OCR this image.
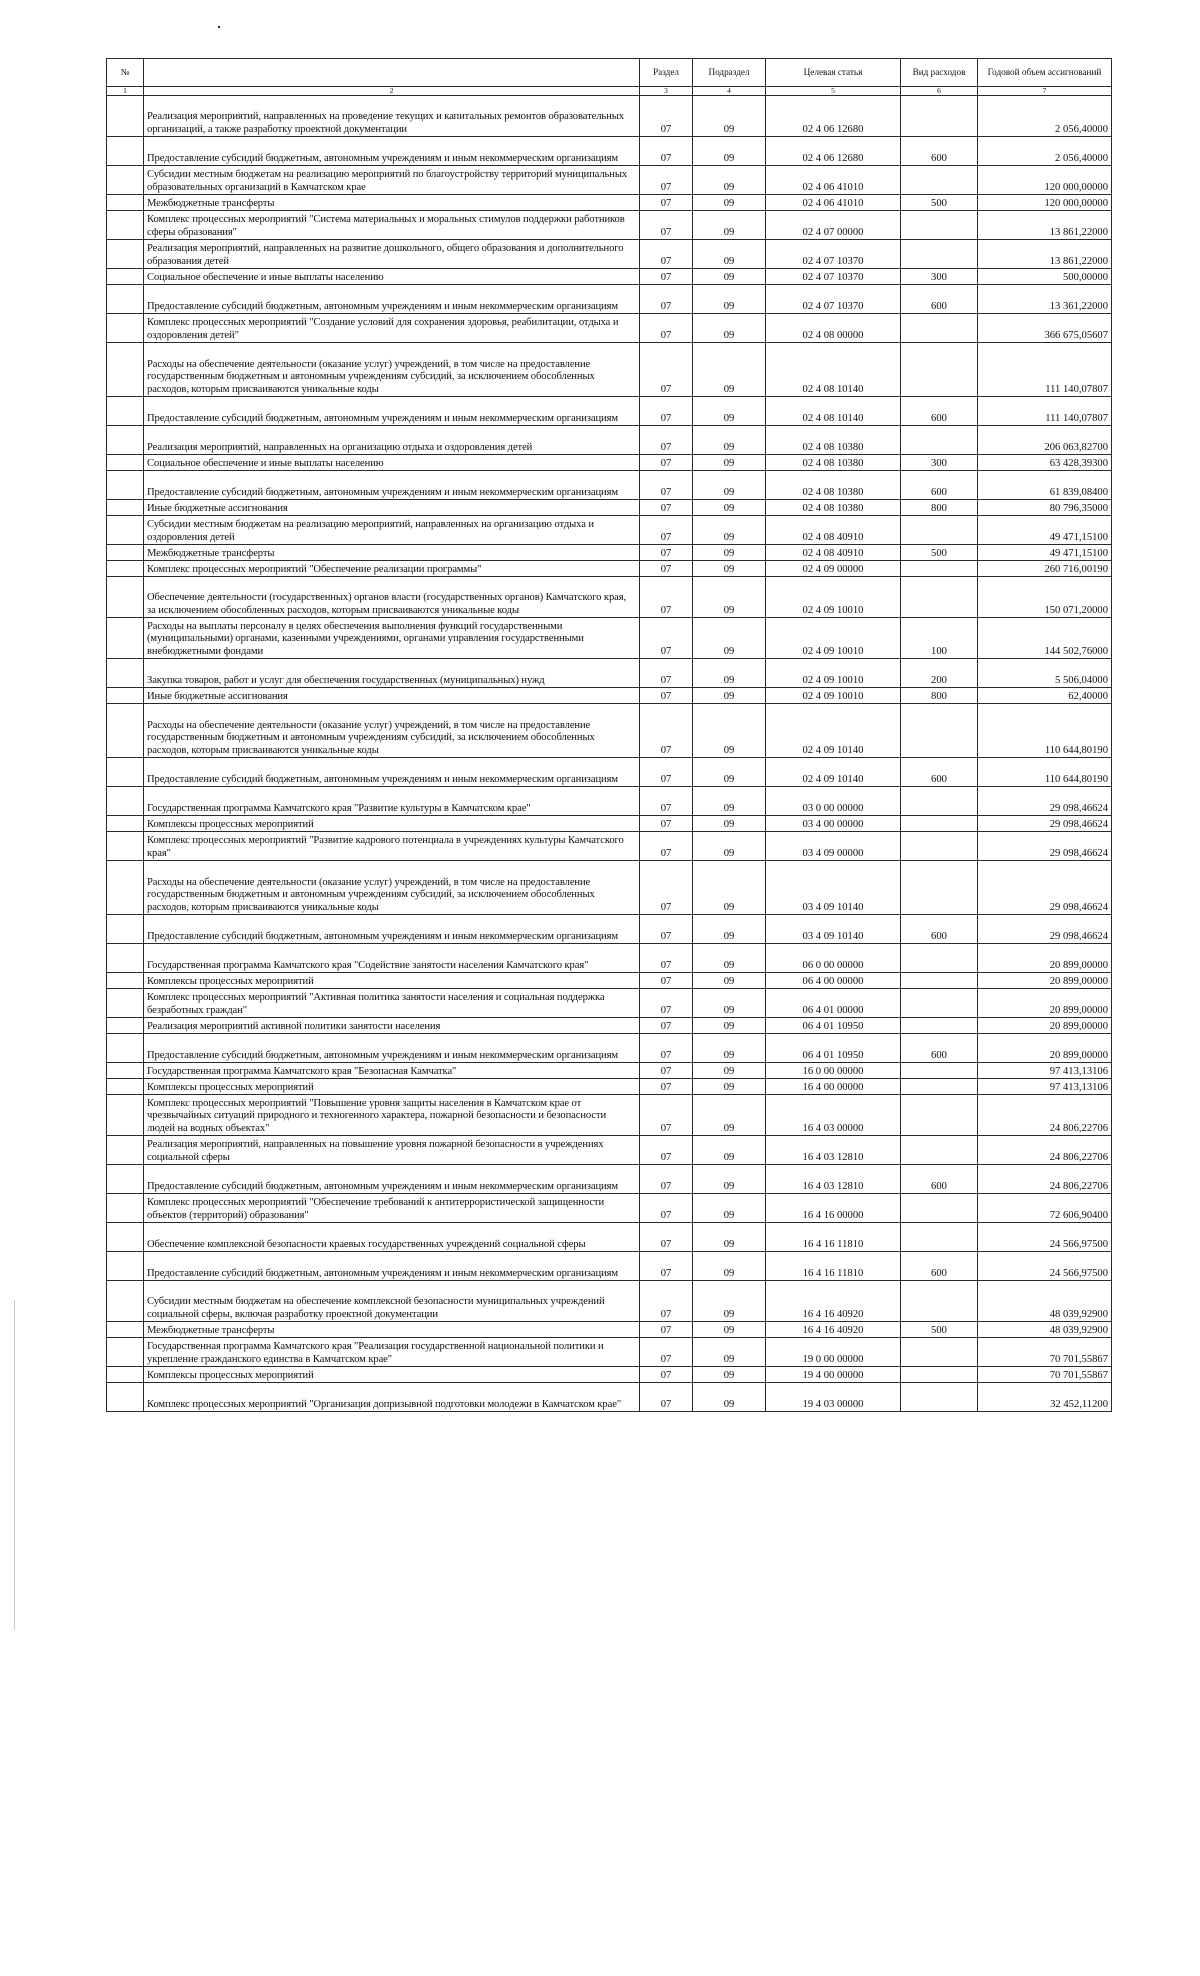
№		Раздел	Подраздел	Целевая статья	Вид расходов	Годовой объем ассигнований
1	2	3	4	5	6	7
	Реализация мероприятий, направленных на проведение текущих и капитальных ремонтов образовательных организаций, а также разработку проектной документации	07	09	02 4 06 12680		2 056,40000
	Предоставление субсидий бюджетным, автономным учреждениям и иным некоммерческим организациям	07	09	02 4 06 12680	600	2 056,40000
	Субсидии местным бюджетам на реализацию мероприятий по благоустройству территорий муниципальных образовательных организаций в Камчатском крае	07	09	02 4 06 41010		120 000,00000
	Межбюджетные трансферты	07	09	02 4 06 41010	500	120 000,00000
	Комплекс процессных мероприятий "Система материальных и моральных стимулов поддержки работников сферы образования"	07	09	02 4 07 00000		13 861,22000
	Реализация мероприятий, направленных на развитие дошкольного, общего образования и дополнительного образования детей	07	09	02 4 07 10370		13 861,22000
	Социальное обеспечение и иные выплаты населению	07	09	02 4 07 10370	300	500,00000
	Предоставление субсидий бюджетным, автономным учреждениям и иным некоммерческим организациям	07	09	02 4 07 10370	600	13 361,22000
	Комплекс процессных мероприятий "Создание условий для сохранения здоровья, реабилитации, отдыха и оздоровления детей"	07	09	02 4 08 00000		366 675,05607
	Расходы на обеспечение деятельности (оказание услуг) учреждений, в том числе на предоставление государственным бюджетным и автономным учреждениям субсидий, за исключением обособленных расходов, которым присваиваются уникальные коды	07	09	02 4 08 10140		111 140,07807
	Предоставление субсидий бюджетным, автономным учреждениям и иным некоммерческим организациям	07	09	02 4 08 10140	600	111 140,07807
	Реализация мероприятий, направленных на организацию отдыха и оздоровления детей	07	09	02 4 08 10380		206 063,82700
	Социальное обеспечение и иные выплаты населению	07	09	02 4 08 10380	300	63 428,39300
	Предоставление субсидий бюджетным, автономным учреждениям и иным некоммерческим организациям	07	09	02 4 08 10380	600	61 839,08400
	Иные бюджетные ассигнования	07	09	02 4 08 10380	800	80 796,35000
	Субсидии местным бюджетам на реализацию мероприятий, направленных на организацию отдыха и оздоровления детей	07	09	02 4 08 40910		49 471,15100
	Межбюджетные трансферты	07	09	02 4 08 40910	500	49 471,15100
	Комплекс процессных мероприятий "Обеспечение реализации программы"	07	09	02 4 09 00000		260 716,00190
	Обеспечение деятельности (государственных) органов власти (государственных органов) Камчатского края, за исключением обособленных расходов, которым присваиваются уникальные коды	07	09	02 4 09 10010		150 071,20000
	Расходы на выплаты персоналу в целях обеспечения выполнения функций государственными (муниципальными) органами, казенными учреждениями, органами управления государственными внебюджетными фондами	07	09	02 4 09 10010	100	144 502,76000
	Закупка товаров, работ и услуг для обеспечения государственных (муниципальных) нужд	07	09	02 4 09 10010	200	5 506,04000
	Иные бюджетные ассигнования	07	09	02 4 09 10010	800	62,40000
	Расходы на обеспечение деятельности (оказание услуг) учреждений, в том числе на предоставление государственным бюджетным и автономным учреждениям субсидий, за исключением обособленных расходов, которым присваиваются уникальные коды	07	09	02 4 09 10140		110 644,80190
	Предоставление субсидий бюджетным, автономным учреждениям и иным некоммерческим организациям	07	09	02 4 09 10140	600	110 644,80190
	Государственная программа Камчатского края "Развитие культуры в Камчатском крае"	07	09	03 0 00 00000		29 098,46624
	Комплексы процессных мероприятий	07	09	03 4 00 00000		29 098,46624
	Комплекс процессных мероприятий "Развитие кадрового потенциала в учреждениях культуры Камчатского края"	07	09	03 4 09 00000		29 098,46624
	Расходы на обеспечение деятельности (оказание услуг) учреждений, в том числе на предоставление государственным бюджетным и автономным учреждениям субсидий, за исключением обособленных расходов, которым присваиваются уникальные коды	07	09	03 4 09 10140		29 098,46624
	Предоставление субсидий бюджетным, автономным учреждениям и иным некоммерческим организациям	07	09	03 4 09 10140	600	29 098,46624
	Государственная программа Камчатского края "Содействие занятости населения Камчатского края"	07	09	06 0 00 00000		20 899,00000
	Комплексы процессных мероприятий	07	09	06 4 00 00000		20 899,00000
	Комплекс процессных мероприятий "Активная политика занятости населения и социальная поддержка безработных граждан"	07	09	06 4 01 00000		20 899,00000
	Реализация мероприятий активной политики занятости населения	07	09	06 4 01 10950		20 899,00000
	Предоставление субсидий бюджетным, автономным учреждениям и иным некоммерческим организациям	07	09	06 4 01 10950	600	20 899,00000
	Государственная программа Камчатского края "Безопасная Камчатка"	07	09	16 0 00 00000		97 413,13106
	Комплексы процессных мероприятий	07	09	16 4 00 00000		97 413,13106
	Комплекс процессных мероприятий "Повышение уровня защиты населения в Камчатском крае от чрезвычайных ситуаций природного и техногенного характера, пожарной безопасности и безопасности людей на водных объектах"	07	09	16 4 03 00000		24 806,22706
	Реализация мероприятий, направленных на повышение уровня пожарной безопасности в учреждениях социальной сферы	07	09	16 4 03 12810		24 806,22706
	Предоставление субсидий бюджетным, автономным учреждениям и иным некоммерческим организациям	07	09	16 4 03 12810	600	24 806,22706
	Комплекс процессных мероприятий "Обеспечение требований к антитеррористической защищенности объектов (территорий) образования"	07	09	16 4 16 00000		72 606,90400
	Обеспечение комплексной безопасности краевых государственных учреждений социальной сферы	07	09	16 4 16 11810		24 566,97500
	Предоставление субсидий бюджетным, автономным учреждениям и иным некоммерческим организациям	07	09	16 4 16 11810	600	24 566,97500
	Субсидии местным бюджетам на обеспечение комплексной безопасности муниципальных учреждений социальной сферы, включая разработку проектной документации	07	09	16 4 16 40920		48 039,92900
	Межбюджетные трансферты	07	09	16 4 16 40920	500	48 039,92900
	Государственная программа Камчатского края "Реализация государственной национальной политики и укрепление гражданского единства в Камчатском крае"	07	09	19 0 00 00000		70 701,55867
	Комплексы процессных мероприятий	07	09	19 4 00 00000		70 701,55867
	Комплекс процессных мероприятий "Организация допризывной подготовки молодежи в Камчатском крае"	07	09	19 4 03 00000		32 452,11200
